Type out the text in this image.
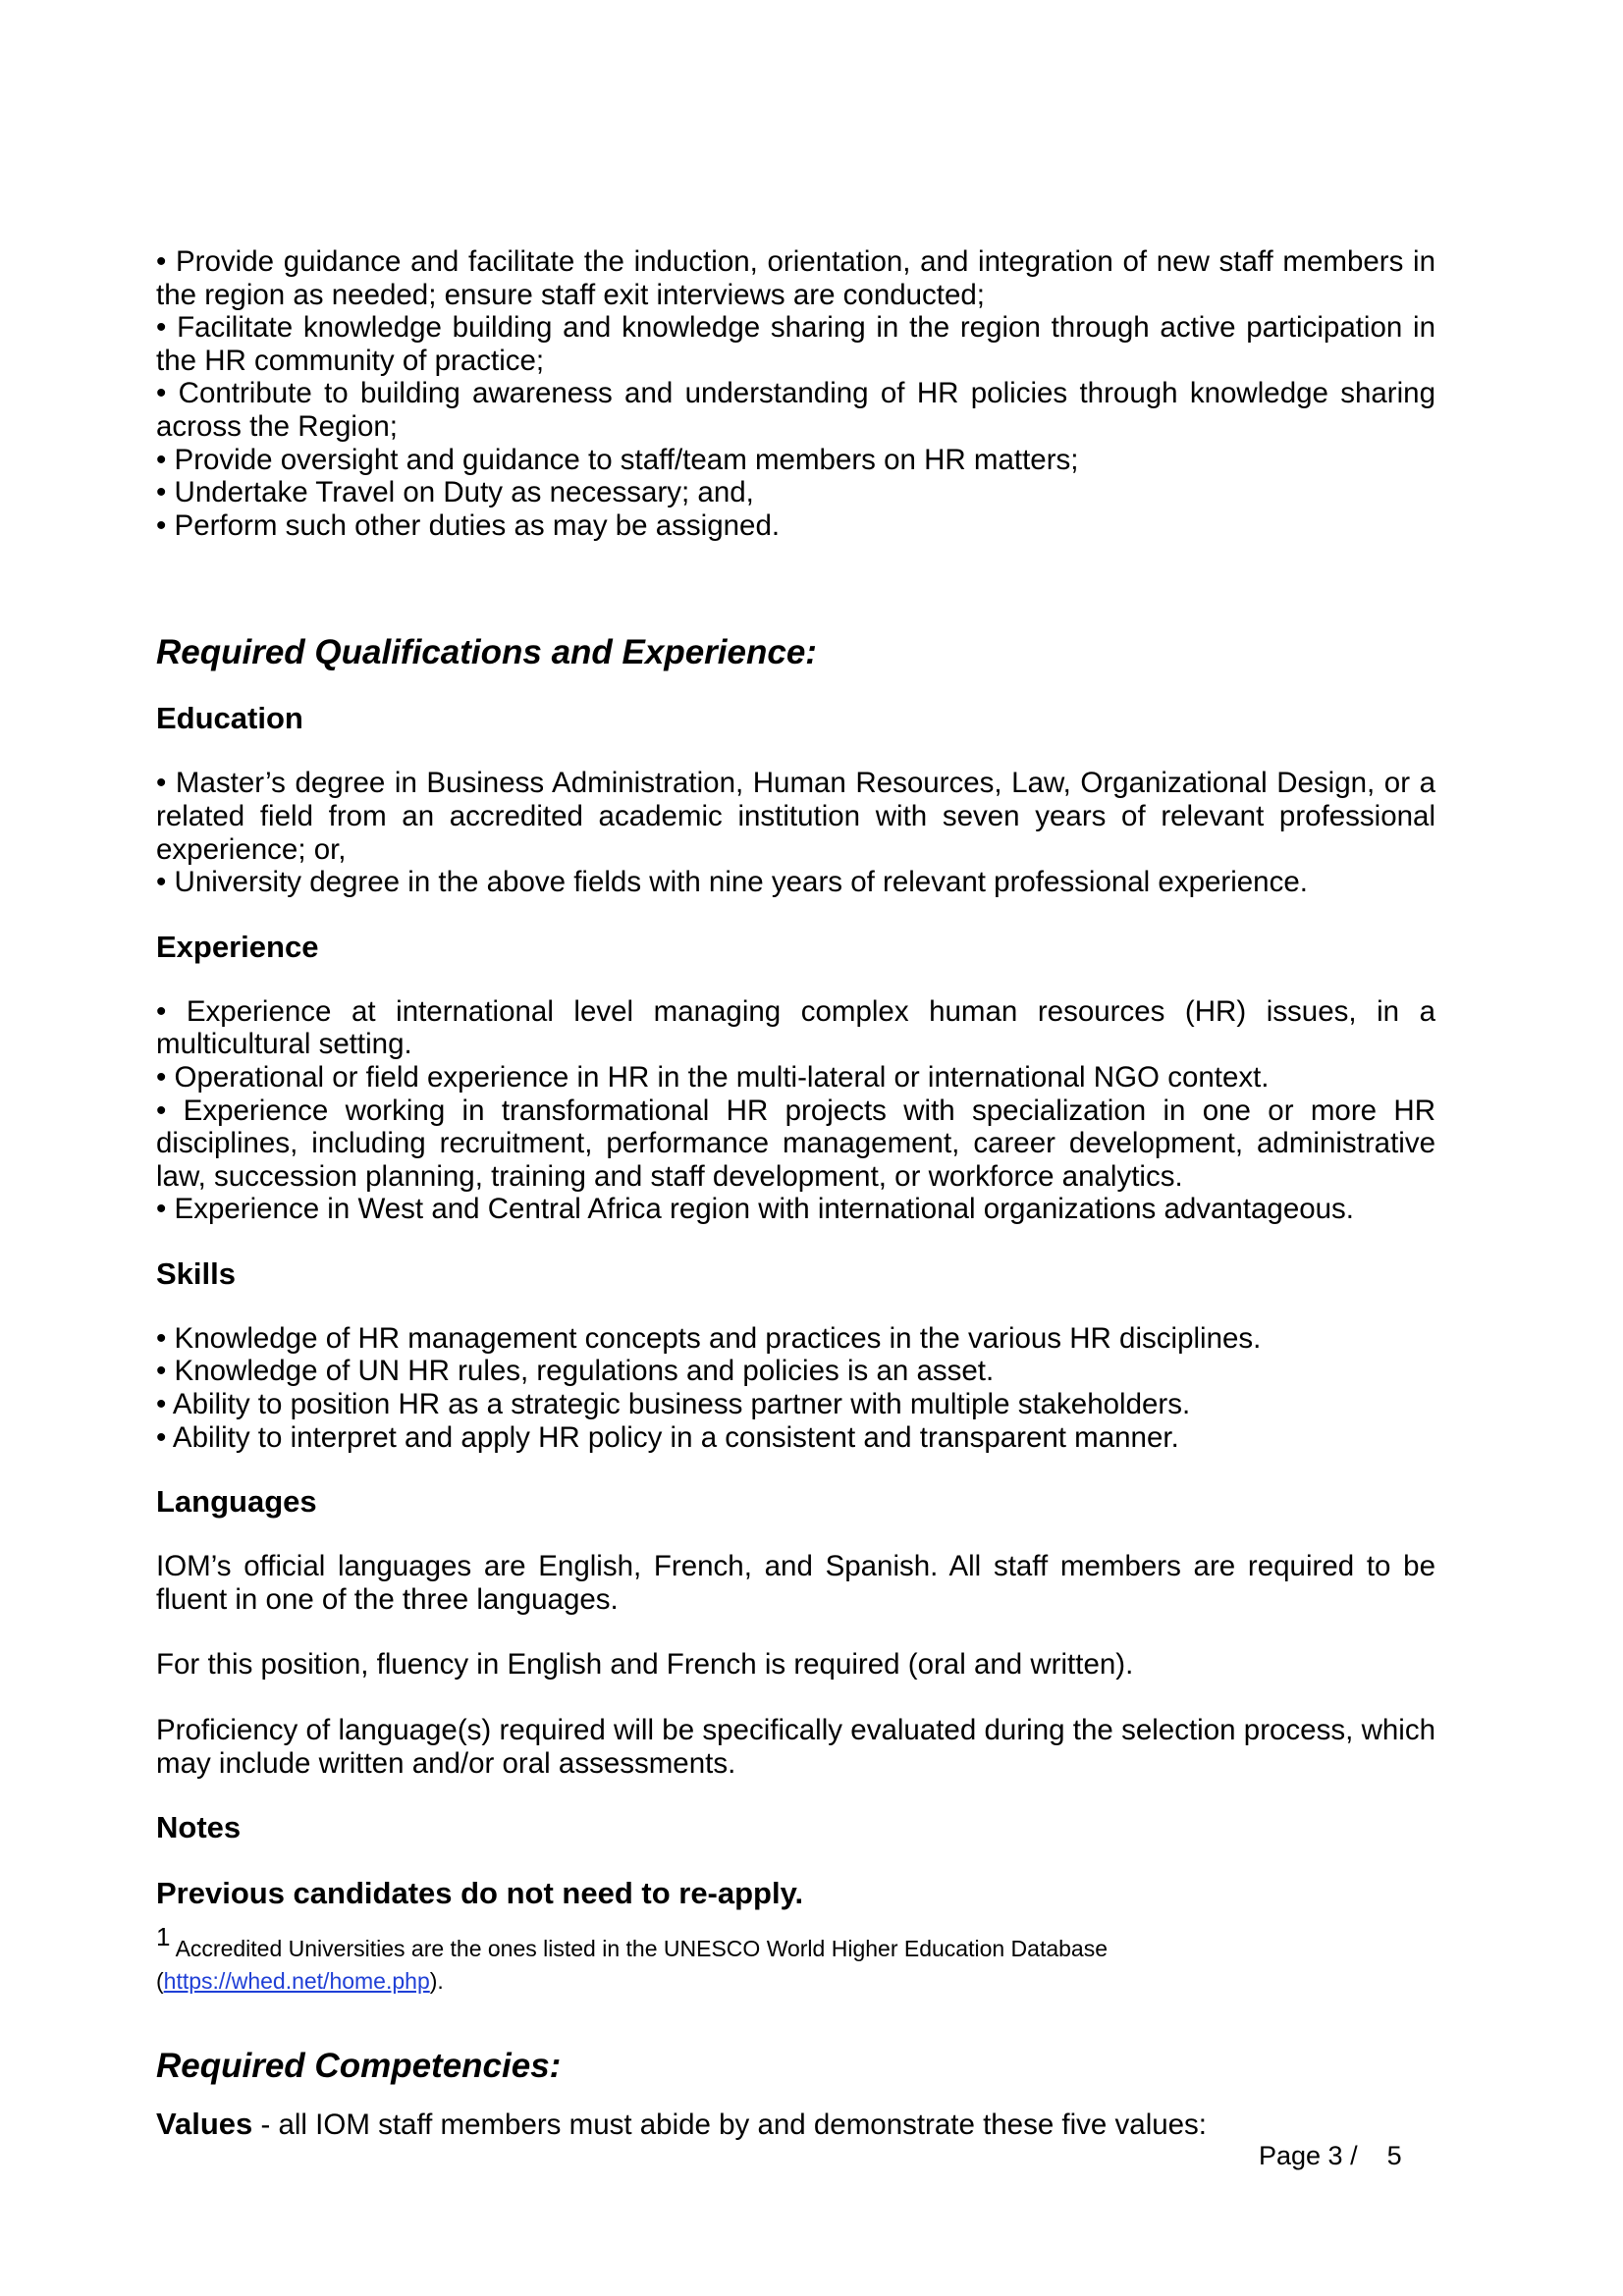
• Provide guidance and facilitate the induction, orientation, and integration of new staff members in the region as needed; ensure staff exit interviews are conducted;

• Facilitate knowledge building and knowledge sharing in the region through active participation in the HR community of practice;

• Contribute to building awareness and understanding of HR policies through knowledge sharing across the Region;

• Provide oversight and guidance to staff/team members on HR matters;

• Undertake Travel on Duty as necessary; and,

• Perform such other duties as may be assigned.

Required Qualifications and Experience:
Education

• Master’s degree in Business Administration, Human Resources, Law, Organizational Design, or a related field from an accredited academic institution with seven years of relevant professional experience; or,

• University degree in the above fields with nine years of relevant professional experience.

Experience

• Experience at international level managing complex human resources (HR) issues, in a multicultural setting.

• Operational or field experience in HR in the multi-lateral or international NGO context.

• Experience working in transformational HR projects with specialization in one or more HR disciplines, including recruitment, performance management, career development, administrative law, succession planning, training and staff development, or workforce analytics.

• Experience in West and Central Africa region with international organizations advantageous.

Skills

• Knowledge of HR management concepts and practices in the various HR disciplines.

• Knowledge of UN HR rules, regulations and policies is an asset.

• Ability to position HR as a strategic business partner with multiple stakeholders.

• Ability to interpret and apply HR policy in a consistent and transparent manner.

Languages

IOM’s official languages are English, French, and Spanish. All staff members are required to be fluent in one of the three languages.

For this position, fluency in English and French is required (oral and written).

Proficiency of language(s) required will be specifically evaluated during the selection process, which may include written and/or oral assessments.

Notes

Previous candidates do not need to re-apply.

$^1$ Accredited Universities are the ones listed in the UNESCO World Higher Education Database
(https://whed.net/home.php).
Required Competencies:

Values - all IOM staff members must abide by and demonstrate these five values:

Page 3 / 5
